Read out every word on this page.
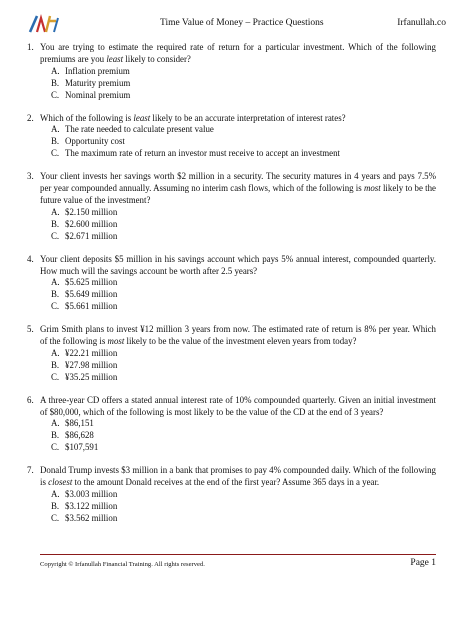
Time Value of Money – Practice Questions	Irfanullah.co
1. You are trying to estimate the required rate of return for a particular investment. Which of the following premiums are you least likely to consider?
A. Inflation premium
B. Maturity premium
C. Nominal premium
2. Which of the following is least likely to be an accurate interpretation of interest rates?
A. The rate needed to calculate present value
B. Opportunity cost
C. The maximum rate of return an investor must receive to accept an investment
3. Your client invests her savings worth $2 million in a security. The security matures in 4 years and pays 7.5% per year compounded annually. Assuming no interim cash flows, which of the following is most likely to be the future value of the investment?
A. $2.150 million
B. $2.600 million
C. $2.671 million
4. Your client deposits $5 million in his savings account which pays 5% annual interest, compounded quarterly. How much will the savings account be worth after 2.5 years?
A. $5.625 million
B. $5.649 million
C. $5.661 million
5. Grim Smith plans to invest ¥12 million 3 years from now. The estimated rate of return is 8% per year. Which of the following is most likely to be the value of the investment eleven years from today?
A. ¥22.21 million
B. ¥27.98 million
C. ¥35.25 million
6. A three-year CD offers a stated annual interest rate of 10% compounded quarterly. Given an initial investment of $80,000, which of the following is most likely to be the value of the CD at the end of 3 years?
A. $86,151
B. $86,628
C. $107,591
7. Donald Trump invests $3 million in a bank that promises to pay 4% compounded daily. Which of the following is closest to the amount Donald receives at the end of the first year? Assume 365 days in a year.
A. $3.003 million
B. $3.122 million
C. $3.562 million
Copyright © Irfanullah Financial Training. All rights reserved.	Page 1
